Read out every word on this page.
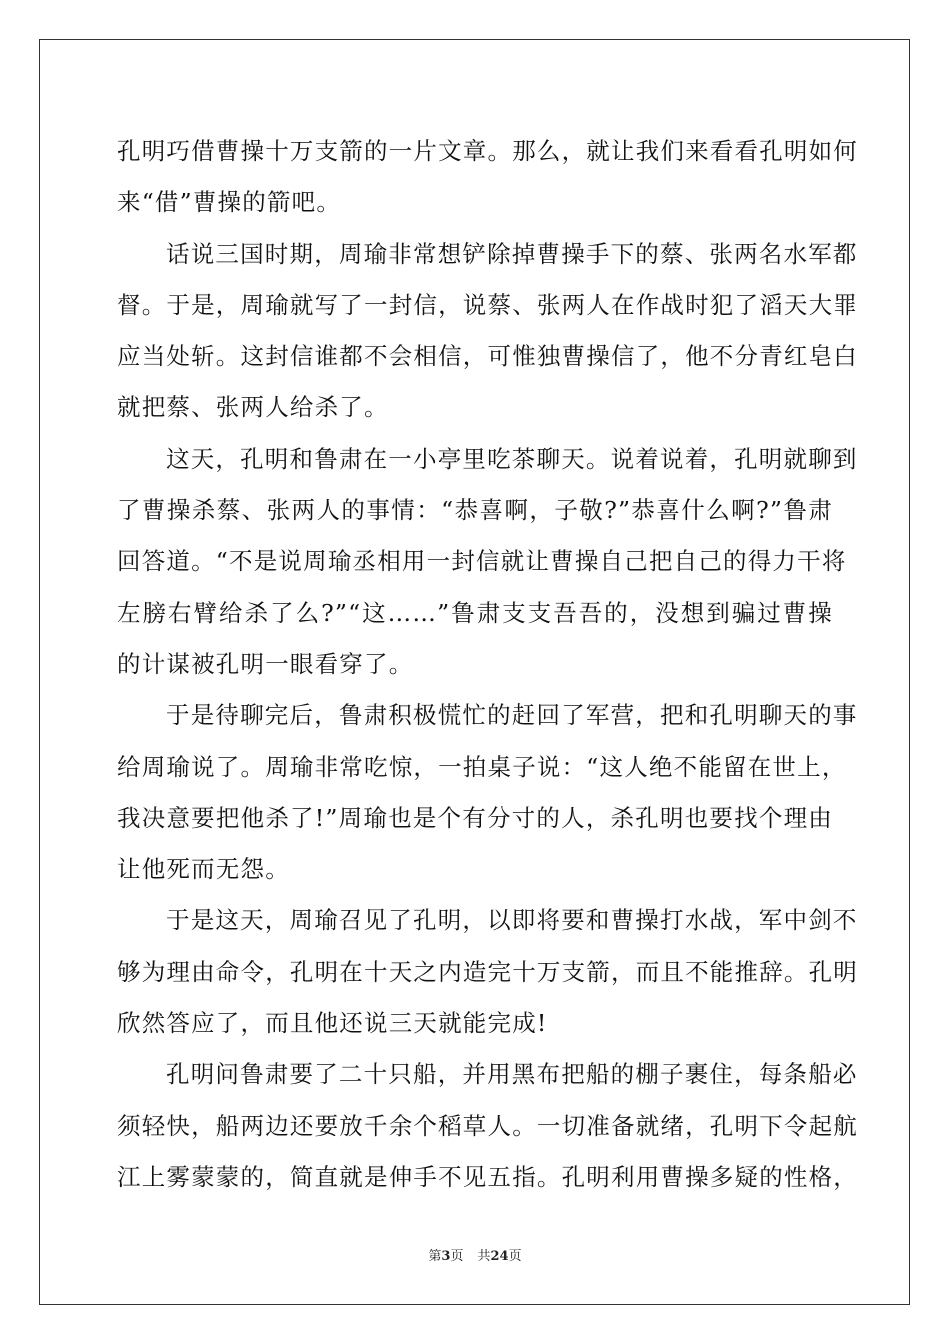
孔明巧借曹操十万支箭的一片文章。那么，就让我们来看看孔明如何
来“借”曹操的箭吧。
话说三国时期，周瑜非常想铲除掉曹操手下的蔡、张两名水军都
督。于是，周瑜就写了一封信，说蔡、张两人在作战时犯了滔天大罪
应当处斩。这封信谁都不会相信，可惟独曹操信了，他不分青红皂白
就把蔡、张两人给杀了。
这天，孔明和鲁肃在一小亭里吃茶聊天。说着说着，孔明就聊到
了曹操杀蔡、张两人的事情：“恭喜啊，子敬?”恭喜什么啊?”鲁肃
回答道。“不是说周瑜丞相用一封信就让曹操自己把自己的得力干将
左膀右臂给杀了么?”“这……”鲁肃支支吾吾的，没想到骗过曹操
的计谋被孔明一眼看穿了。
于是待聊完后，鲁肃积极慌忙的赶回了军营，把和孔明聊天的事
给周瑜说了。周瑜非常吃惊，一拍桌子说：“这人绝不能留在世上，
我决意要把他杀了!”周瑜也是个有分寸的人，杀孔明也要找个理由
让他死而无怨。
于是这天，周瑜召见了孔明，以即将要和曹操打水战，军中剑不
够为理由命令，孔明在十天之内造完十万支箭，而且不能推辞。孔明
欣然答应了，而且他还说三天就能完成!
孔明问鲁肃要了二十只船，并用黑布把船的棚子裹住，每条船必
须轻快，船两边还要放千余个稻草人。一切准备就绪，孔明下令起航
江上雾蒙蒙的，简直就是伸手不见五指。孔明利用曹操多疑的性格，
第3页 共24页
